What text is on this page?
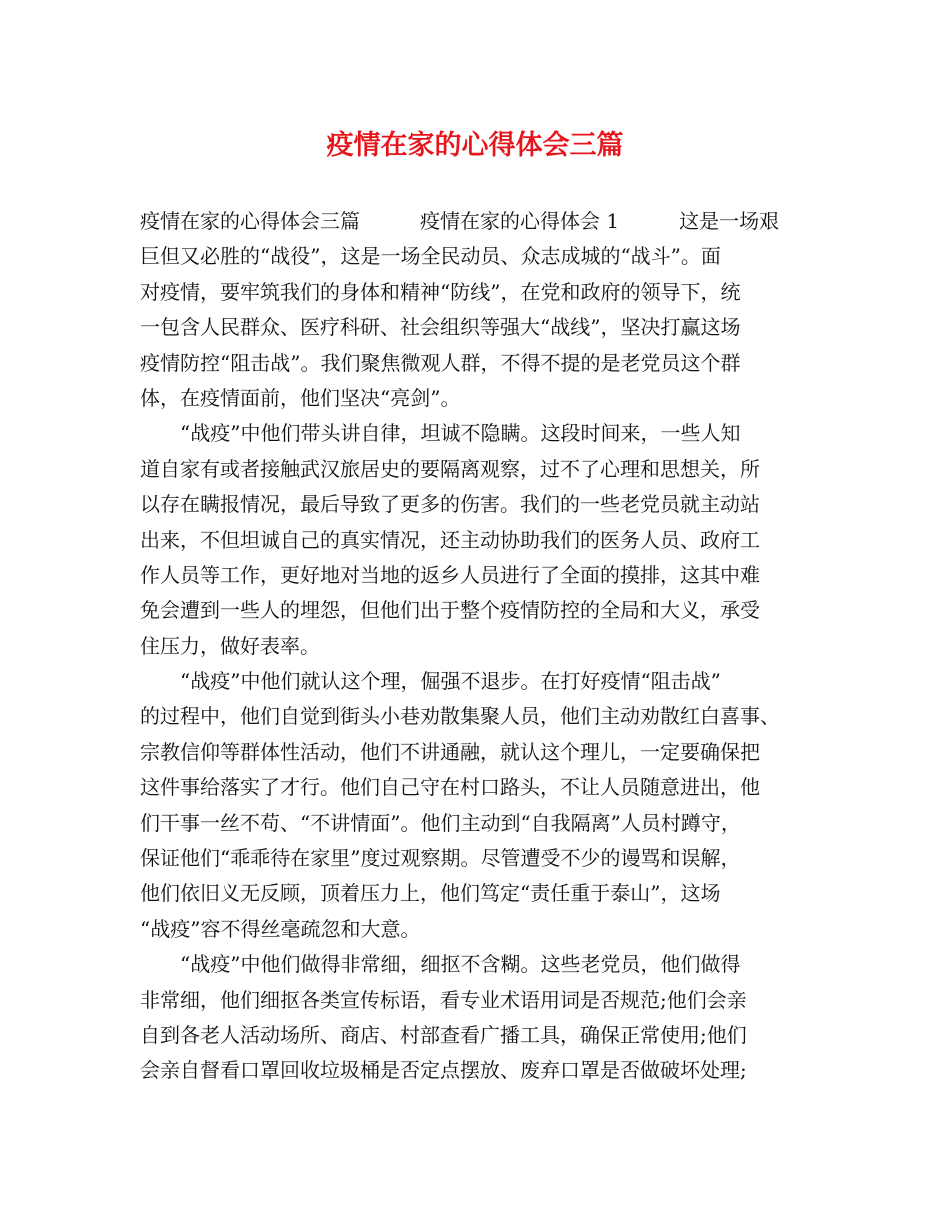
疫情在家的心得体会三篇
疫情在家的心得体会三篇　　　疫情在家的心得体会 1　　　这是一场艰
巨但又必胜的“战役”，这是一场全民动员、众志成城的“战斗”。面
对疫情，要牢筑我们的身体和精神“防线”，在党和政府的领导下，统
一包含人民群众、医疗科研、社会组织等强大“战线”，坚决打赢这场
疫情防控“阻击战”。我们聚焦微观人群，不得不提的是老党员这个群
体，在疫情面前，他们坚决“亮剑”。
　　“战疫”中他们带头讲自律，坦诚不隐瞒。这段时间来，一些人知
道自家有或者接触武汉旅居史的要隔离观察，过不了心理和思想关，所
以存在瞒报情况，最后导致了更多的伤害。我们的一些老党员就主动站
出来，不但坦诚自己的真实情况，还主动协助我们的医务人员、政府工
作人员等工作，更好地对当地的返乡人员进行了全面的摸排，这其中难
免会遭到一些人的埋怨，但他们出于整个疫情防控的全局和大义，承受
住压力，做好表率。
　　“战疫”中他们就认这个理，倔强不退步。在打好疫情“阻击战”
的过程中，他们自觉到街头小巷劝散集聚人员，他们主动劝散红白喜事、
宗教信仰等群体性活动，他们不讲通融，就认这个理儿，一定要确保把
这件事给落实了才行。他们自己守在村口路头，不让人员随意进出，他
们干事一丝不苟、“不讲情面”。他们主动到“自我隔离”人员村蹲守，
保证他们“乖乖待在家里”度过观察期。尽管遭受不少的谩骂和误解，
他们依旧义无反顾，顶着压力上，他们笃定“责任重于泰山”，这场
“战疫”容不得丝毫疏忽和大意。
　　“战疫”中他们做得非常细，细抠不含糊。这些老党员，他们做得
非常细，他们细抠各类宣传标语，看专业术语用词是否规范;他们会亲
自到各老人活动场所、商店、村部查看广播工具，确保正常使用;他们
会亲自督看口罩回收垃圾桶是否定点摆放、废弃口罩是否做破坏处理;
